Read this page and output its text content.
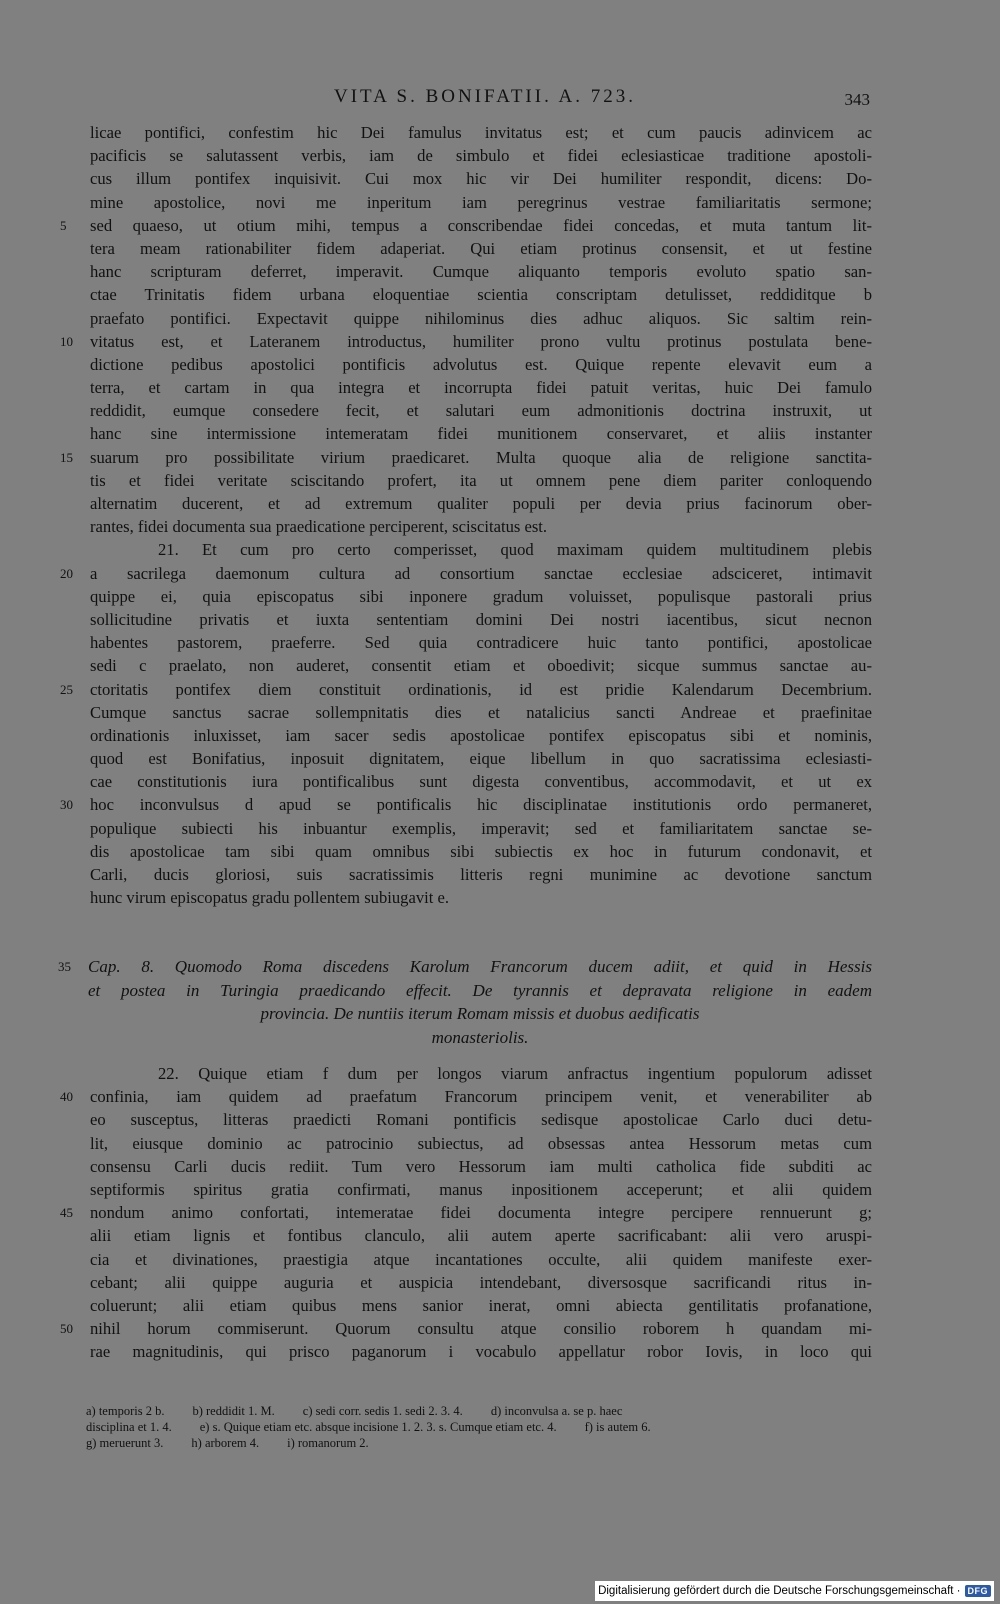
VITA S. BONIFATII. A. 723.	343
licae pontifici, confestim hic Dei famulus invitatus est; et cum paucis adinvicem ac
pacificis se salutassent verbis, iam de simbulo et fidei eclesiasticae traditione apostoli-
cus illum pontifex inquisivit. Cui mox hic vir Dei humiliter respondit, dicens: Do-
mine apostolice, novi me inperitum iam peregrinus vestrae familiaritatis sermone;
5	sed quaeso, ut otium mihi, tempus a conscribendae fidei concedas, et muta tantum lit-
tera meam rationabiliter fidem adaperiat. Qui etiam protinus consensit, et ut festine
hanc scripturam deferret, imperavit. Cumque aliquanto temporis evoluto spatio san-
ctae Trinitatis fidem urbana eloquentiae scientia conscriptam detulisset, reddiditque b
praefato pontifici. Expectavit quippe nihilominus dies adhuc aliquos. Sic saltim rein-
10	vitatus est, et Lateranem introductus, humiliter prono vultu protinus postulata bene-
dictione pedibus apostolici pontificis advolutus est. Quique repente elevavit eum a
terra, et cartam in qua integra et incorrupta fidei patuit veritas, huic Dei famulo
reddidit, eumque consedere fecit, et salutari eum admonitionis doctrina instruxit, ut
hanc sine intermissione intemeratam fidei munitionem conservaret, et aliis instanter
15	suarum pro possibilitate virium praedicaret. Multa quoque alia de religione sanctita-
tis et fidei veritate sciscitando profert, ita ut omnem pene diem pariter conloquendo
alternatim ducerent, et ad extremum qualiter populi per devia prius facinorum ober-
rantes, fidei documenta sua praedicatione perciperent, sciscitatus est.
21. Et cum pro certo comperisset, quod maximam quidem multitudinem plebis
20	a sacrilega daemonum cultura ad consortium sanctae ecclesiae adsciceret, intimavit
quippe ei, quia episcopatus sibi inponere gradum voluisset, populisque pastorali prius
sollicitudine privatis et iuxta sententiam domini Dei nostri iacentibus, sicut necnon
habentes pastorem, praeferre. Sed quia contradicere huic tanto pontifici, apostolicae
sedi c praelato, non auderet, consentit etiam et oboedivit; sicque summus sanctae au-
25	ctoritatis pontifex diem constituit ordinationis, id est pridie Kalendarum Decembrium.
Cumque sanctus sacrae sollempnitatis dies et natalicius sancti Andreae et praefinitae
ordinationis inluxisset, iam sacer sedis apostolicae pontifex episcopatus sibi et nominis,
quod est Bonifatius, inposuit dignitatem, eique libellum in quo sacratissima eclesiasti-
cae constitutionis iura pontificalibus sunt digesta conventibus, accommodavit, et ut ex
30	hoc inconvulsus d apud se pontificalis hic disciplinatae institutionis ordo permaneret,
populique subiecti his inbuantur exemplis, imperavit; sed et familiaritatem sanctae se-
dis apostolicae tam sibi quam omnibus sibi subiectis ex hoc in futurum condonavit, et
Carli, ducis gloriosi, suis sacratissimis litteris regni munimine ac devotione sanctum
hunc virum episcopatus gradu pollentem subiugavit e.
35 Cap. 8. Quomodo Roma discedens Karolum Francorum ducem adiit, et quid in Hessis
et postea in Turingia praedicando effecit. De tyrannis et depravata religione in eadem
provincia. De nuntiis iterum Romam missis et duobus aedificatis
monasteriolis.
22. Quique etiam f dum per longos viarum anfractus ingentium populorum adisset
40	confinia, iam quidem ad praefatum Francorum principem venit, et venerabiliter ab
eo susceptus, litteras praedicti Romani pontificis sedisque apostolicae Carlo duci detu-
lit, eiusque dominio ac patrocinio subiectus, ad obsessas antea Hessorum metas cum
consensu Carli ducis rediit. Tum vero Hessorum iam multi catholica fide subditi ac
septiformis spiritus gratia confirmati, manus inpositionem acceperunt; et alii quidem
45	nondum animo confortati, intemeratae fidei documenta integre percipere rennuerunt g;
alii etiam lignis et fontibus clanculo, alii autem aperte sacrificabant: alii vero aruspi-
cia et divinationes, praestigia atque incantationes occulte, alii quidem manifeste exer-
cebant; alii quippe auguria et auspicia intendebant, diversosque sacrificandi ritus in-
coluerunt; alii etiam quibus mens sanior inerat, omni abiecta gentilitatis profanatione,
50	nihil horum commiserunt. Quorum consultu atque consilio roborem h quandam mi-
rae magnitudinis, qui prisco paganorum i vocabulo appellatur robor Iovis, in loco qui
a) temporis 2 b. b) reddidit 1. M. c) sedi corr. sedis 1. sedi 2. 3. 4. d) inconvulsa a. se p. haec
disciplina et 1. 4. e) s. Quique etiam etc. absque incisione 1. 2. 3. s. Cumque etiam etc. 4. f) is autem 6.
g) meruerunt 3. h) arborem 4. i) romanorum 2.
Digitalisierung gefördert durch die Deutsche Forschungsgemeinschaft · DFG
